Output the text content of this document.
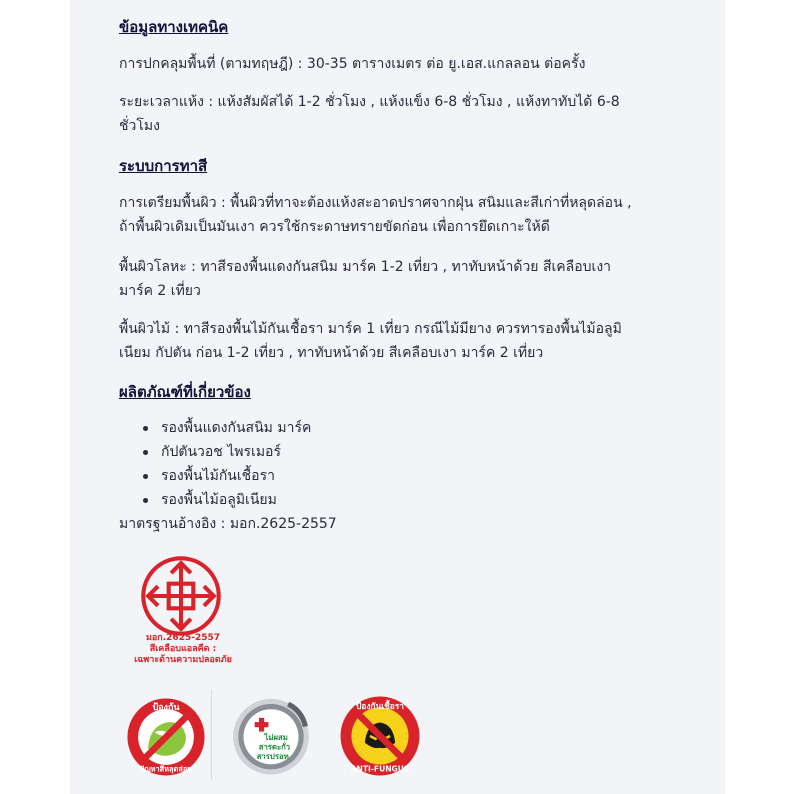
ข้อมูลทางเทคนิค
การปกคลุมพื้นที่ (ตามทฤษฎี) : 30-35 ตารางเมตร ต่อ ยู.เอส.แกลลอน ต่อครั้ง
ระยะเวลาแห้ง : แห้งสัมผัสได้ 1-2 ชั่วโมง , แห้งแข็ง 6-8 ชั่วโมง , แห้งทาทับได้ 6-8
ชั่วโมง
ระบบการทาสี
การเตรียมพื้นผิว : พื้นผิวที่ทาจะต้องแห้งสะอาดปราศจากฝุ่น สนิมและสีเก่าที่หลุดล่อน ,
ถ้าพื้นผิวเดิมเป็นมันเงา ควรใช้กระดาษทรายขัดก่อน เพื่อการยึดเกาะให้ดี
พื้นผิวโลหะ : ทาสีรองพื้นแดงกันสนิม มาร์ค 1-2 เที่ยว , ทาทับหน้าด้วย สีเคลือบเงา
มาร์ค 2 เที่ยว
พื้นผิวไม้ : ทาสีรองพื้นไม้กันเชื้อรา มาร์ค 1 เที่ยว กรณีไม้มียาง ควรทารองพื้นไม้อลูมิ
เนียม กัปตัน ก่อน 1-2 เที่ยว , ทาทับหน้าด้วย สีเคลือบเงา มาร์ค 2 เที่ยว
ผลิตภัณฑ์ที่เกี่ยวข้อง
รองพื้นแดงกันสนิม มาร์ค
กัปตันวอช ไพรเมอร์
รองพื้นไม้กันเชื้อรา
รองพื้นไม้อลูมิเนียม
มาตรฐานอ้างอิง : มอก.2625-2557
มอก.2625-2557
สีเคลือบแอลคีด :
เฉพาะด้านความปลอดภัย
ป้องกัน
ปัญหาสีหลุดล่อน
ไม่ผสม
สารตะกั่ว
สารปรอท
ป้องกันเชื้อรา
ANTI-FUNGUS
